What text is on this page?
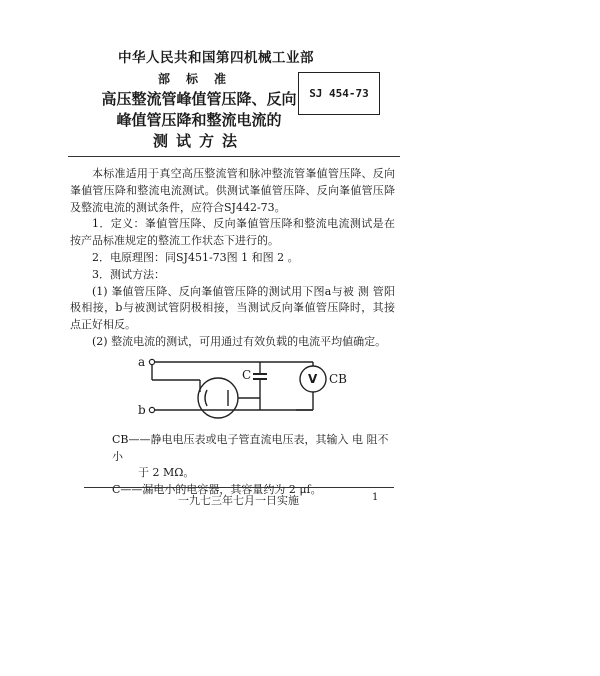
中华人民共和国第四机械工业部
部标准
高压整流管峰值管压降、反向
峰值管压降和整流电流的
测试方法
SJ 454-73

本标准适用于真空高压整流管和脉冲整流管峯値管压降、反向峯値管压降和整流电流测试。供测试峯値管压降、反向峯値管压降及整流电流的测试条件，应符合SJ442-73。

1．定义：峯値管压降、反向峯値管压降和整流电流测试是在按产品标准规定的整流工作状态下进行的。

2．电原理图：同SJ451-73图 1 和图 2 。

3．测试方法：

(1) 峯値管压降、反向峯値管压降的测试用下图a与被 测 管阳极相接，b与被测试管阴极相接，当测试反向峯値管压降时，其接 点正好相反。

(2) 整流电流的测试，可用通过有效负载的电流平均値确定。

a
b
C	V CB

CB——静电电压表或电子管直流电压表，其输入 电 阻不小

于 2 MΩ。

C——漏电小的电容器，其容量约为 2 μf。

一九七三年七月一日实施	1
